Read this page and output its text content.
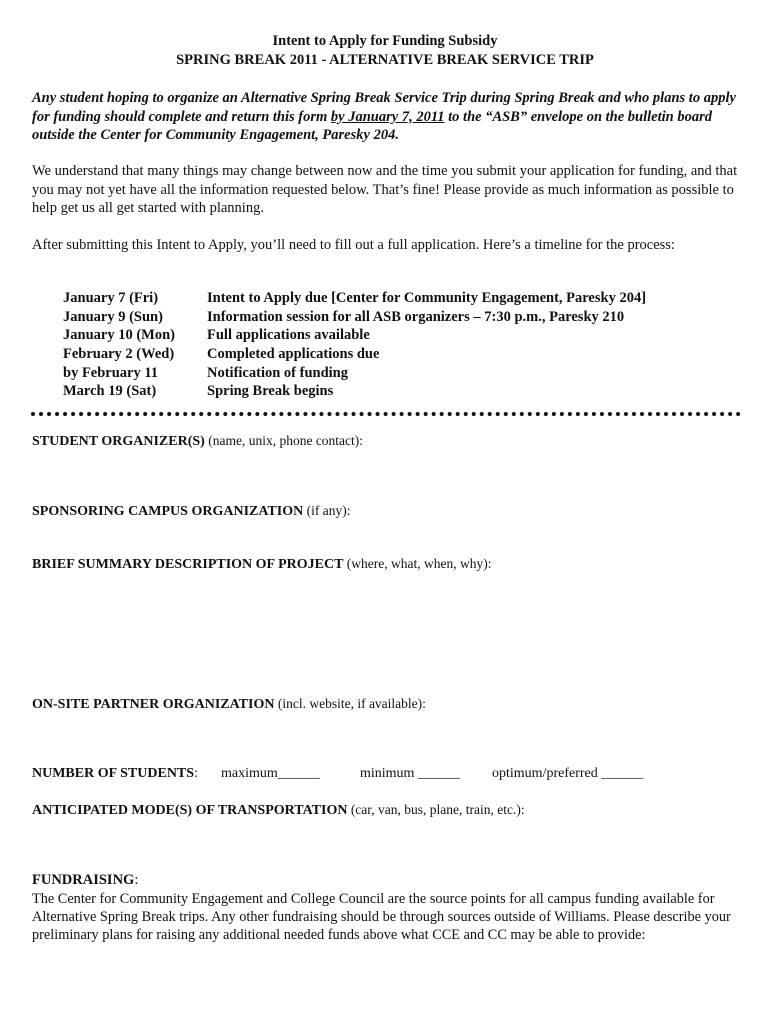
Intent to Apply for Funding Subsidy
SPRING BREAK 2011 - ALTERNATIVE BREAK SERVICE TRIP
Any student hoping to organize an Alternative Spring Break Service Trip during Spring Break and who plans to apply for funding should complete and return this form by January 7, 2011 to the “ASB” envelope on the bulletin board outside the Center for Community Engagement, Paresky 204.
We understand that many things may change between now and the time you submit your application for funding, and that you may not yet have all the information requested below. That’s fine! Please provide as much information as possible to help get us all get started with planning.
After submitting this Intent to Apply, you’ll need to fill out a full application. Here’s a timeline for the process:
January 7 (Fri)	Intent to Apply due [Center for Community Engagement, Paresky 204]
January 9 (Sun)	Information session for all ASB organizers – 7:30 p.m., Paresky 210
January 10 (Mon) Full applications available
February 2 (Wed) Completed applications due
by February 11	Notification of funding
March 19 (Sat)	Spring Break begins
STUDENT ORGANIZER(S) (name, unix, phone contact):
SPONSORING CAMPUS ORGANIZATION (if any):
BRIEF SUMMARY DESCRIPTION OF PROJECT (where, what, when, why):
ON-SITE PARTNER ORGANIZATION (incl. website, if available):
NUMBER OF STUDENTS: maximum______	minimum ______ optimum/preferred ______
ANTICIPATED MODE(S) OF TRANSPORTATION (car, van, bus, plane, train, etc.):
FUNDRAISING:
The Center for Community Engagement and College Council are the source points for all campus funding available for Alternative Spring Break trips. Any other fundraising should be through sources outside of Williams. Please describe your preliminary plans for raising any additional needed funds above what CCE and CC may be able to provide:
